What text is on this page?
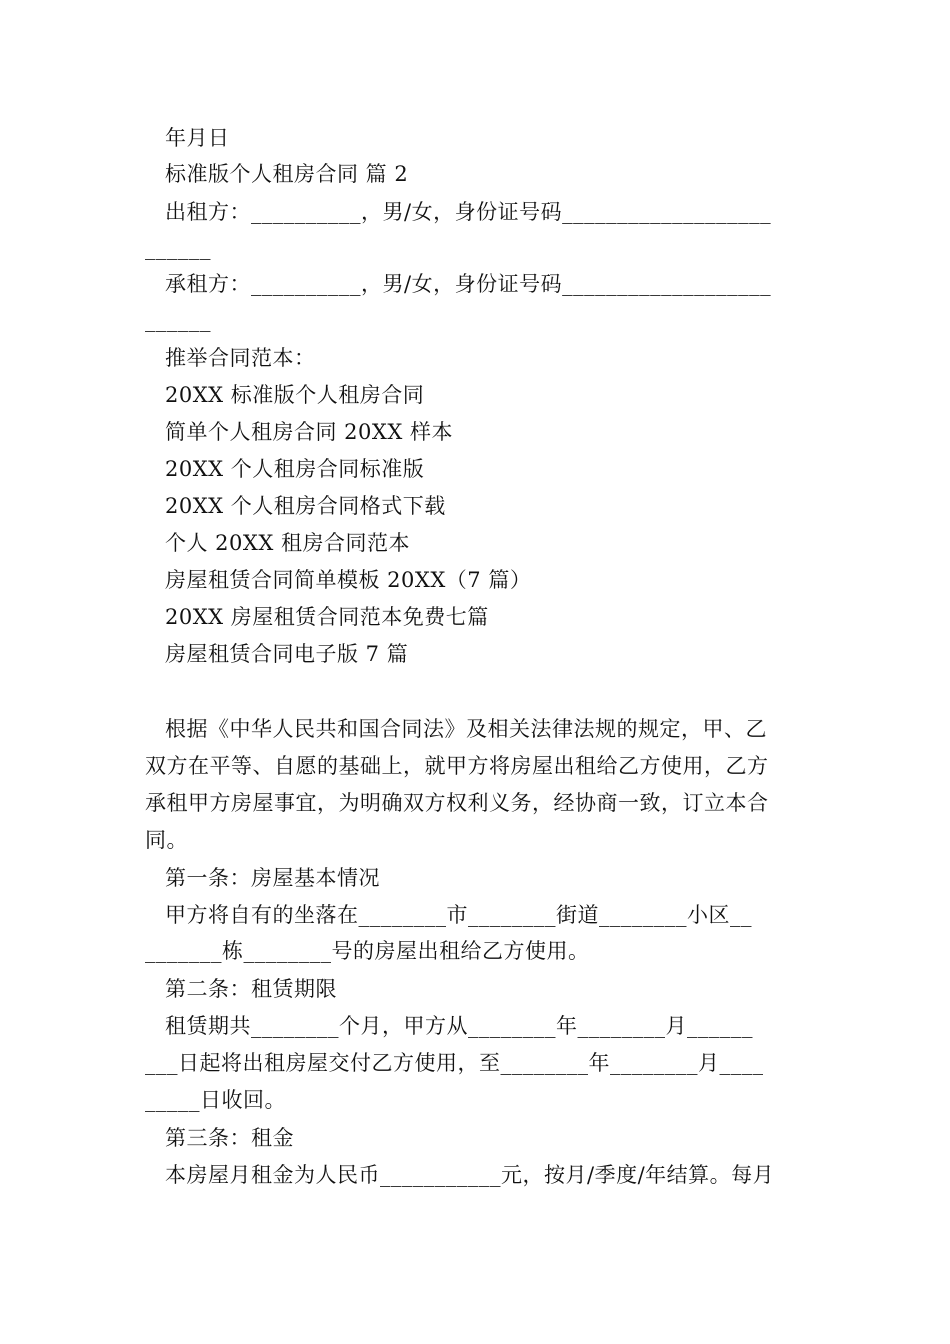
年月日
标准版个人租房合同 篇 2
出租方：__________，男/女，身份证号码___________________
______
承租方：__________，男/女，身份证号码___________________
______
推举合同范本：
20XX 标准版个人租房合同
简单个人租房合同 20XX 样本
20XX 个人租房合同标准版
20XX 个人租房合同格式下载
个人 20XX 租房合同范本
房屋租赁合同简单模板 20XX（7 篇）
20XX 房屋租赁合同范本免费七篇
房屋租赁合同电子版 7 篇
根据《中华人民共和国合同法》及相关法律法规的规定，甲、乙
双方在平等、自愿的基础上，就甲方将房屋出租给乙方使用，乙方
承租甲方房屋事宜，为明确双方权利义务，经协商一致，订立本合
同。
第一条：房屋基本情况
甲方将自有的坐落在________市________街道________小区__
_______栋________号的房屋出租给乙方使用。
第二条：租赁期限
租赁期共________个月，甲方从________年________月______
___日起将出租房屋交付乙方使用，至________年________月____
_____日收回。
第三条：租金
本房屋月租金为人民币___________元，按月/季度/年结算。每月
